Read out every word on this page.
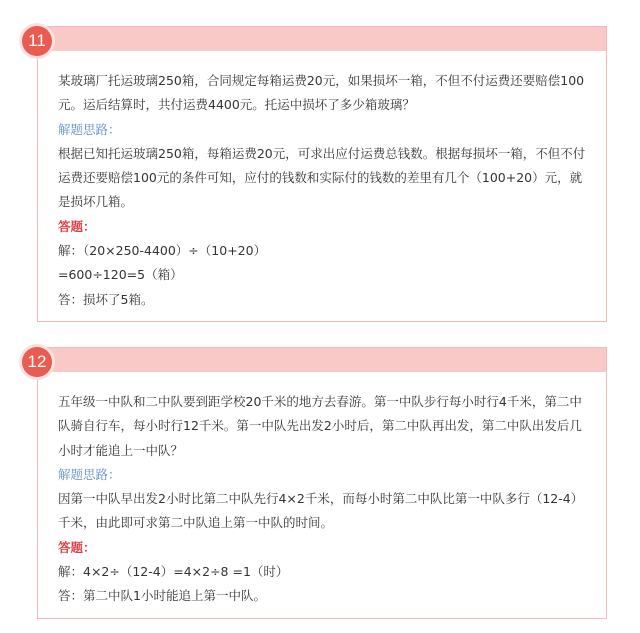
11

某玻璃厂托运玻璃250箱，合同规定每箱运费20元，如果损坏一箱，不但不付运费还要赔偿100元。运后结算时，共付运费4400元。托运中损坏了多少箱玻璃？

解题思路：

根据已知托运玻璃250箱，每箱运费20元，可求出应付运费总钱数。根据每损坏一箱，不但不付运费还要赔偿100元的条件可知，应付的钱数和实际付的钱数的差里有几个（100+20）元，就是损坏几箱。

答题：

解：（20×250-4400）÷（10+20）

=600÷120=5（箱）

答：损坏了5箱。

12

五年级一中队和二中队要到距学校20千米的地方去春游。第一中队步行每小时行4千米，第二中队骑自行车，每小时行12千米。第一中队先出发2小时后，第二中队再出发，第二中队出发后几小时才能追上一中队？

解题思路：

因第一中队早出发2小时比第二中队先行4×2千米，而每小时第二中队比第一中队多行（12-4）千米，由此即可求第二中队追上第一中队的时间。

答题：

解：4×2÷（12-4）=4×2÷8 =1（时）

答：第二中队1小时能追上第一中队。
